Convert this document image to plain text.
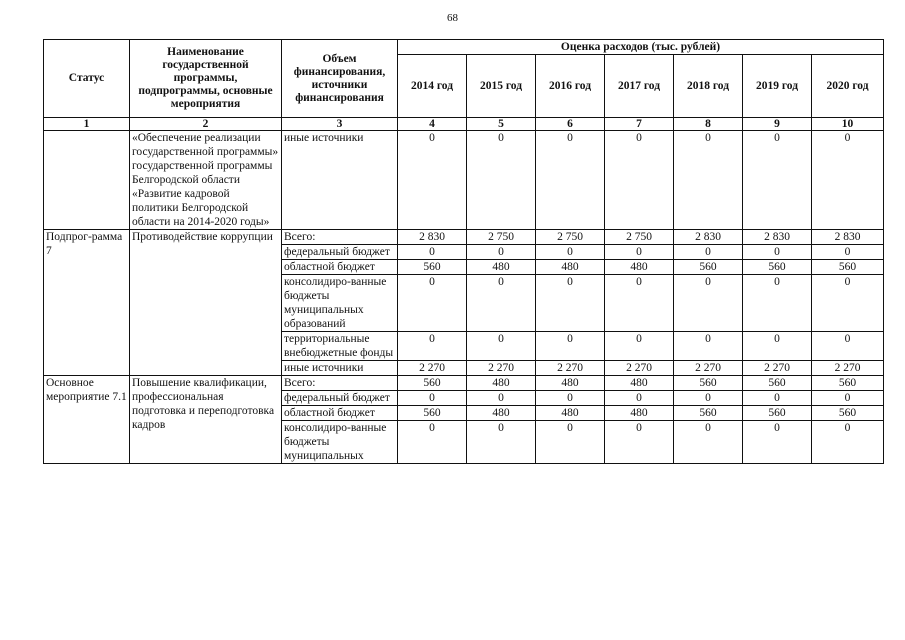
68
Статус	Наименование государственной программы, подпрограммы, основные мероприятия	Объем финансирования, источники финансирования	Оценка расходов (тыс. рублей)						
			2014 год	2015 год	2016 год	2017 год	2018 год	2019 год	2020 год
1	2	3	4	5	6	7	8	9	10
	«Обеспечение реализации государственной программы» государственной программы Белгородской области «Развитие кадровой политики Белгородской области на 2014-2020 годы»	иные источники	0	0	0	0	0	0	0
Подпрог-рамма 7	Противодействие коррупции	Всего:	2 830	2 750	2 750	2 750	2 830	2 830	2 830
		федеральный бюджет	0	0	0	0	0	0	0
		областной бюджет	560	480	480	480	560	560	560
		консолидиро-ванные бюджеты муниципальных образований	0	0	0	0	0	0	0
		территориальные внебюджетные фонды	0	0	0	0	0	0	0
		иные источники	2 270	2 270	2 270	2 270	2 270	2 270	2 270
Основное мероприятие 7.1	Повышение квалификации, профессиональная подготовка и переподготовка кадров	Всего:	560	480	480	480	560	560	560
		федеральный бюджет	0	0	0	0	0	0	0
		областной бюджет	560	480	480	480	560	560	560
		консолидиро-ванные бюджеты муниципальных	0	0	0	0	0	0	0
